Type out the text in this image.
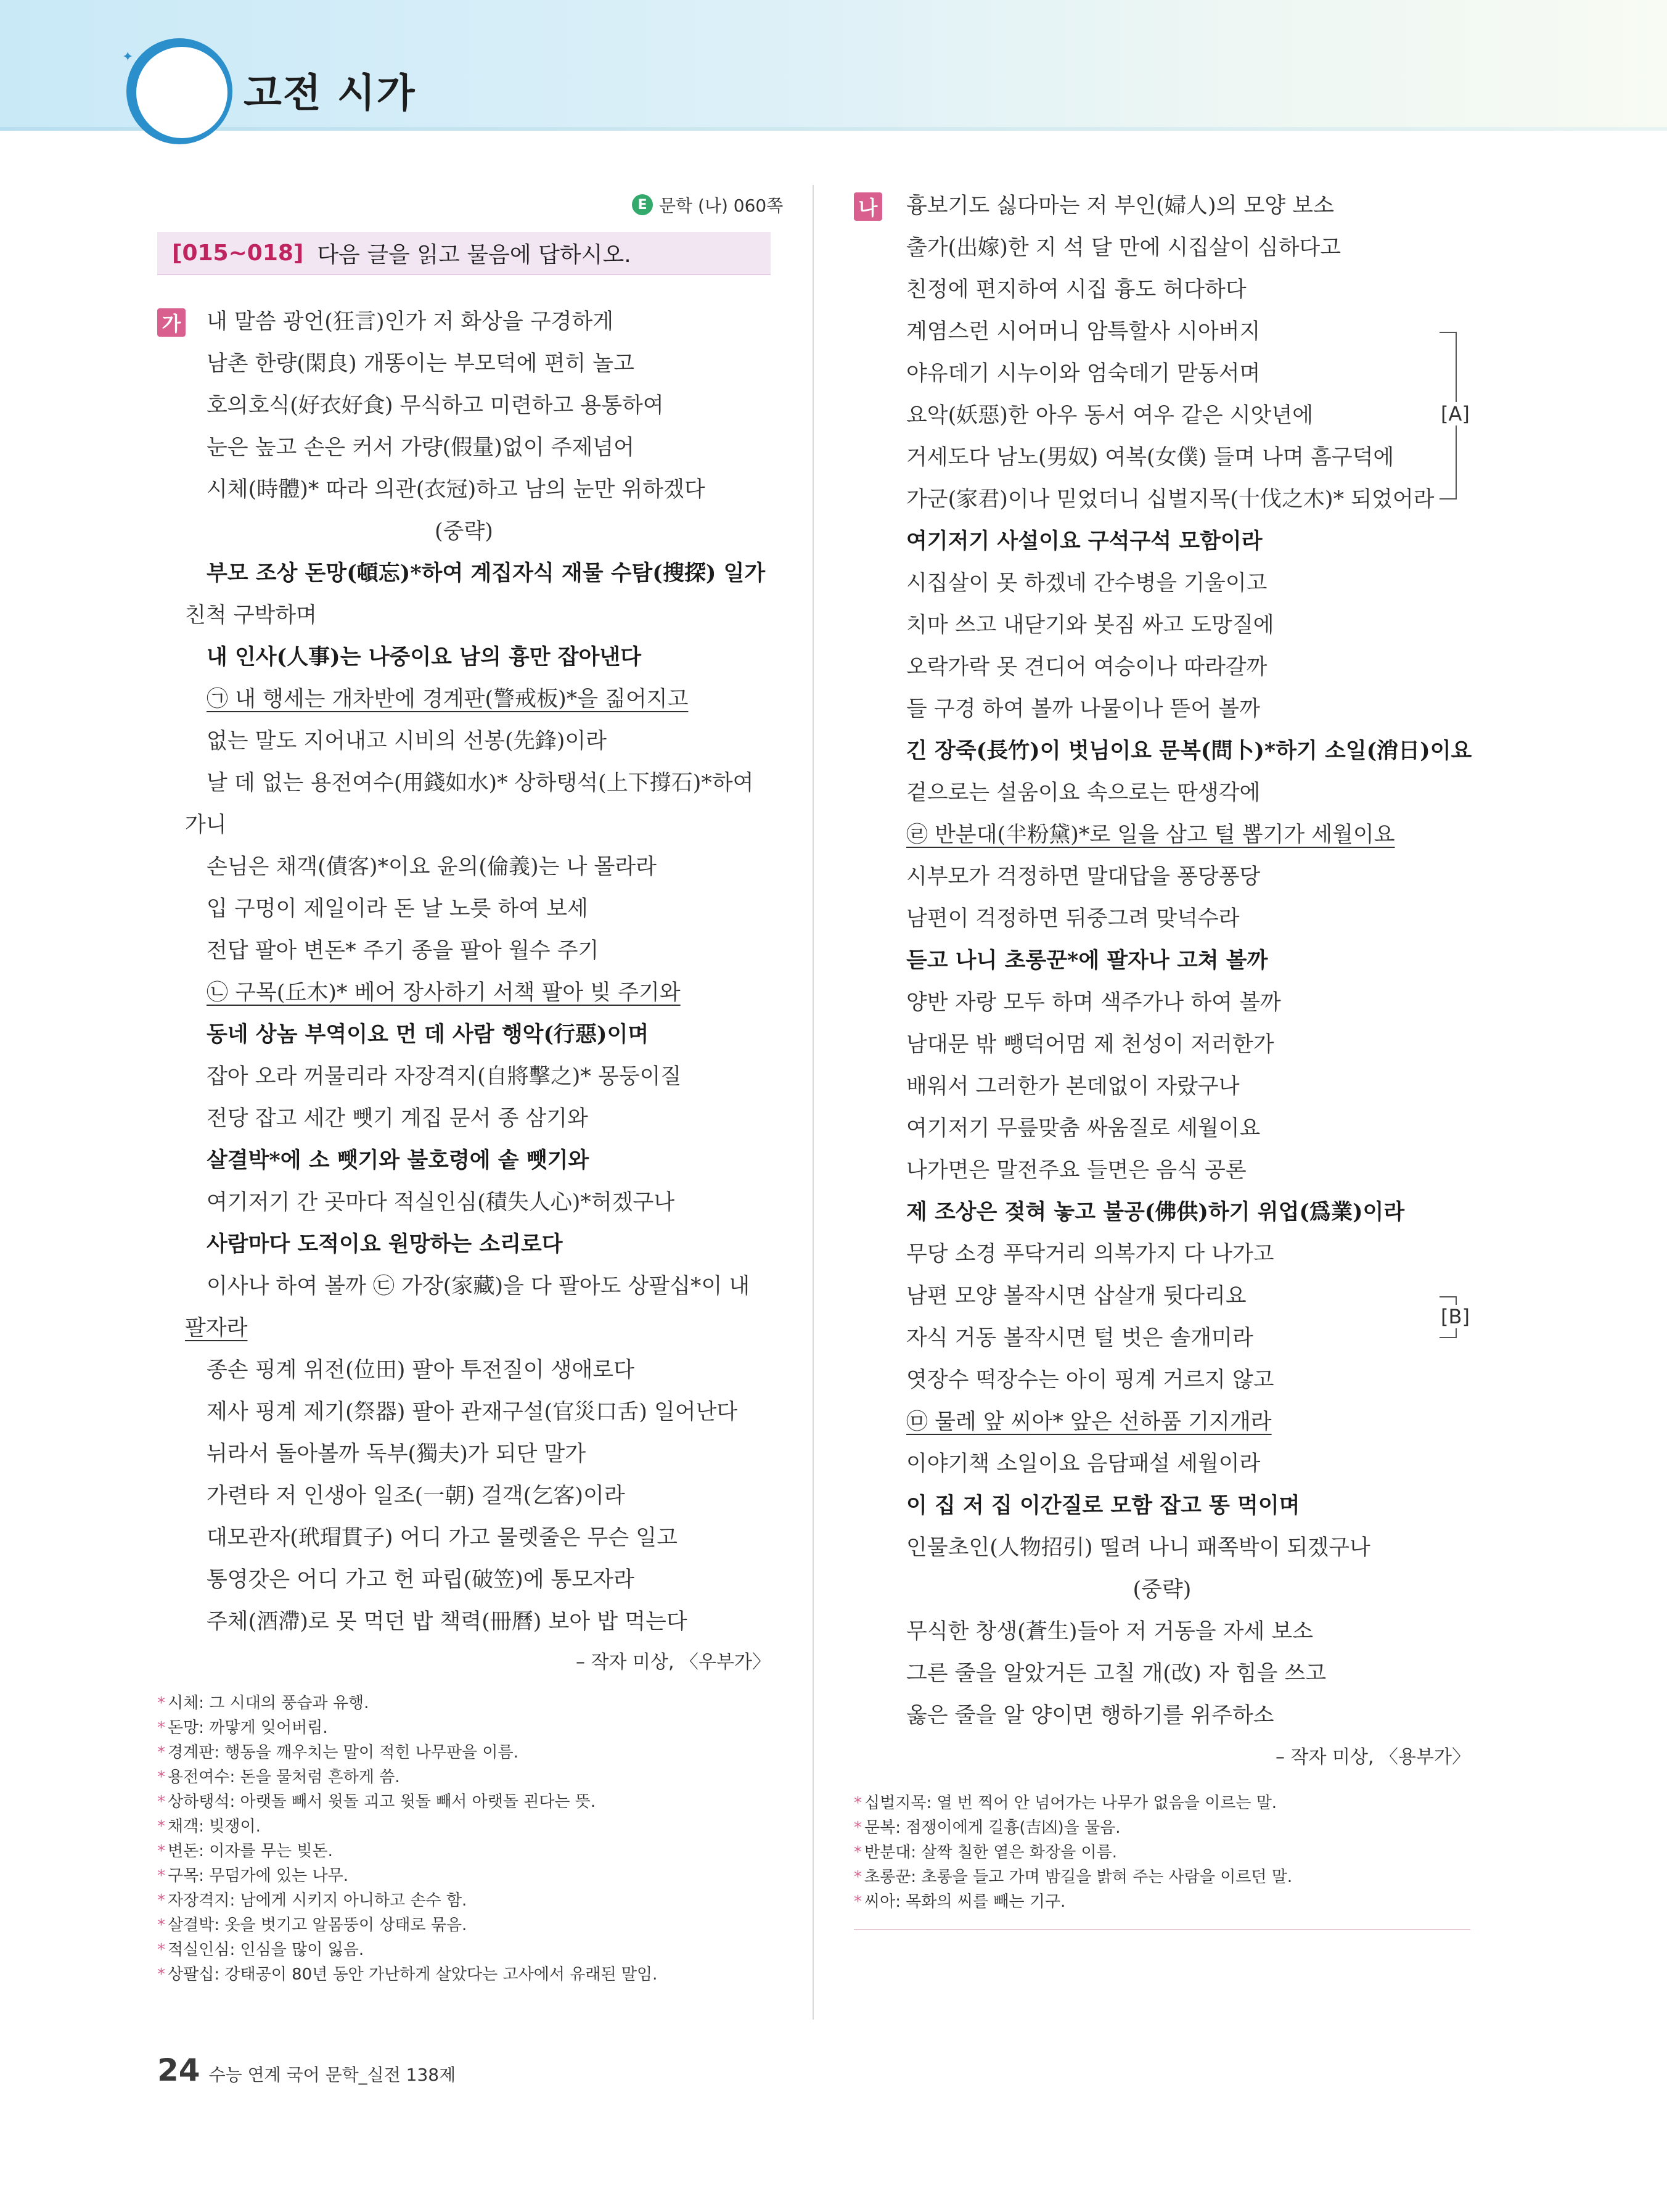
✦
고전 시가
E 문학 (나) 060쪽
[015~018] 다음 글을 읽고 물음에 답하시오.
가 내 말씀 광언(狂言)인가 저 화상을 구경하게
남촌 한량(閑良) 개똥이는 부모덕에 편히 놀고
호의호식(好衣好食) 무식하고 미련하고 용통하여
눈은 높고 손은 커서 가량(假量)없이 주제넘어
시체(時體)* 따라 의관(衣冠)하고 남의 눈만 위하겠다
(중략)
부모 조상 돈망(頓忘)*하여 계집자식 재물 수탐(搜探) 일가
친척 구박하며
내 인사(人事)는 나중이요 남의 흉만 잡아낸다
㉠ 내 행세는 개차반에 경계판(警戒板)*을 짊어지고
없는 말도 지어내고 시비의 선봉(先鋒)이라
날 데 없는 용전여수(用錢如水)* 상하탱석(上下撐石)*하여
가니
손님은 채객(債客)*이요 윤의(倫義)는 나 몰라라
입 구멍이 제일이라 돈 날 노릇 하여 보세
전답 팔아 변돈* 주기 종을 팔아 월수 주기
㉡ 구목(丘木)* 베어 장사하기 서책 팔아 빚 주기와
동네 상놈 부역이요 먼 데 사람 행악(行惡)이며
잡아 오라 꺼물리라 자장격지(自將擊之)* 몽둥이질
전당 잡고 세간 뺏기 계집 문서 종 삼기와
살결박*에 소 뺏기와 불호령에 솥 뺏기와
여기저기 간 곳마다 적실인심(積失人心)*허겠구나
사람마다 도적이요 원망하는 소리로다
이사나 하여 볼까 ㉢ 가장(家藏)을 다 팔아도 상팔십*이 내
팔자라
종손 핑계 위전(位田) 팔아 투전질이 생애로다
제사 핑계 제기(祭器) 팔아 관재구설(官災口舌) 일어난다
뉘라서 돌아볼까 독부(獨夫)가 되단 말가
가련타 저 인생아 일조(一朝) 걸객(乞客)이라
대모관자(玳瑁貫子) 어디 가고 물렛줄은 무슨 일고
통영갓은 어디 가고 헌 파립(破笠)에 통모자라
주체(酒滯)로 못 먹던 밥 책력(冊曆) 보아 밥 먹는다
– 작자 미상, 〈우부가〉
* 시체: 그 시대의 풍습과 유행.
* 돈망: 까맣게 잊어버림.
* 경계판: 행동을 깨우치는 말이 적힌 나무판을 이름.
* 용전여수: 돈을 물처럼 흔하게 씀.
* 상하탱석: 아랫돌 빼서 윗돌 괴고 윗돌 빼서 아랫돌 괸다는 뜻.
* 채객: 빚쟁이.
* 변돈: 이자를 무는 빚돈.
* 구목: 무덤가에 있는 나무.
* 자장격지: 남에게 시키지 아니하고 손수 함.
* 살결박: 옷을 벗기고 알몸뚱이 상태로 묶음.
* 적실인심: 인심을 많이 잃음.
* 상팔십: 강태공이 80년 동안 가난하게 살았다는 고사에서 유래된 말임.
나 흉보기도 싫다마는 저 부인(婦人)의 모양 보소
출가(出嫁)한 지 석 달 만에 시집살이 심하다고
친정에 편지하여 시집 흉도 허다하다
계염스런 시어머니 암특할사 시아버지
야유데기 시누이와 엄숙데기 맏동서며
요악(妖惡)한 아우 동서 여우 같은 시앗년에
거세도다 남노(男奴) 여복(女僕) 들며 나며 흠구덕에
가군(家君)이나 믿었더니 십벌지목(十伐之木)* 되었어라
여기저기 사설이요 구석구석 모함이라
시집살이 못 하겠네 간수병을 기울이고
치마 쓰고 내닫기와 봇짐 싸고 도망질에
오락가락 못 견디어 여승이나 따라갈까
들 구경 하여 볼까 나물이나 뜯어 볼까
긴 장죽(長竹)이 벗님이요 문복(問卜)*하기 소일(消日)이요
겉으로는 설움이요 속으로는 딴생각에
㉣ 반분대(半粉黛)*로 일을 삼고 털 뽑기가 세월이요
시부모가 걱정하면 말대답을 퐁당퐁당
남편이 걱정하면 뒤중그려 맞넉수라
듣고 나니 초롱꾼*에 팔자나 고쳐 볼까
양반 자랑 모두 하며 색주가나 하여 볼까
남대문 밖 뺑덕어멈 제 천성이 저러한가
배워서 그러한가 본데없이 자랐구나
여기저기 무릎맞춤 싸움질로 세월이요
나가면은 말전주요 들면은 음식 공론
제 조상은 젖혀 놓고 불공(佛供)하기 위업(爲業)이라
무당 소경 푸닥거리 의복가지 다 나가고
남편 모양 볼작시면 삽살개 뒷다리요
자식 거동 볼작시면 털 벗은 솔개미라
엿장수 떡장수는 아이 핑계 거르지 않고
㉤ 물레 앞 씨아* 앞은 선하품 기지개라
이야기책 소일이요 음담패설 세월이라
이 집 저 집 이간질로 모함 잡고 똥 먹이며
인물초인(人物招引) 떨려 나니 패쪽박이 되겠구나
(중략)
무식한 창생(蒼生)들아 저 거동을 자세 보소
그른 줄을 알았거든 고칠 개(改) 자 힘을 쓰고
옳은 줄을 알 양이면 행하기를 위주하소
– 작자 미상, 〈용부가〉
[A]
[B]
* 십벌지목: 열 번 찍어 안 넘어가는 나무가 없음을 이르는 말.
* 문복: 점쟁이에게 길흉(吉凶)을 물음.
* 반분대: 살짝 칠한 옅은 화장을 이름.
* 초롱꾼: 초롱을 들고 가며 밤길을 밝혀 주는 사람을 이르던 말.
* 씨아: 목화의 씨를 빼는 기구.
24 수능 연계 국어 문학_실전 138제
